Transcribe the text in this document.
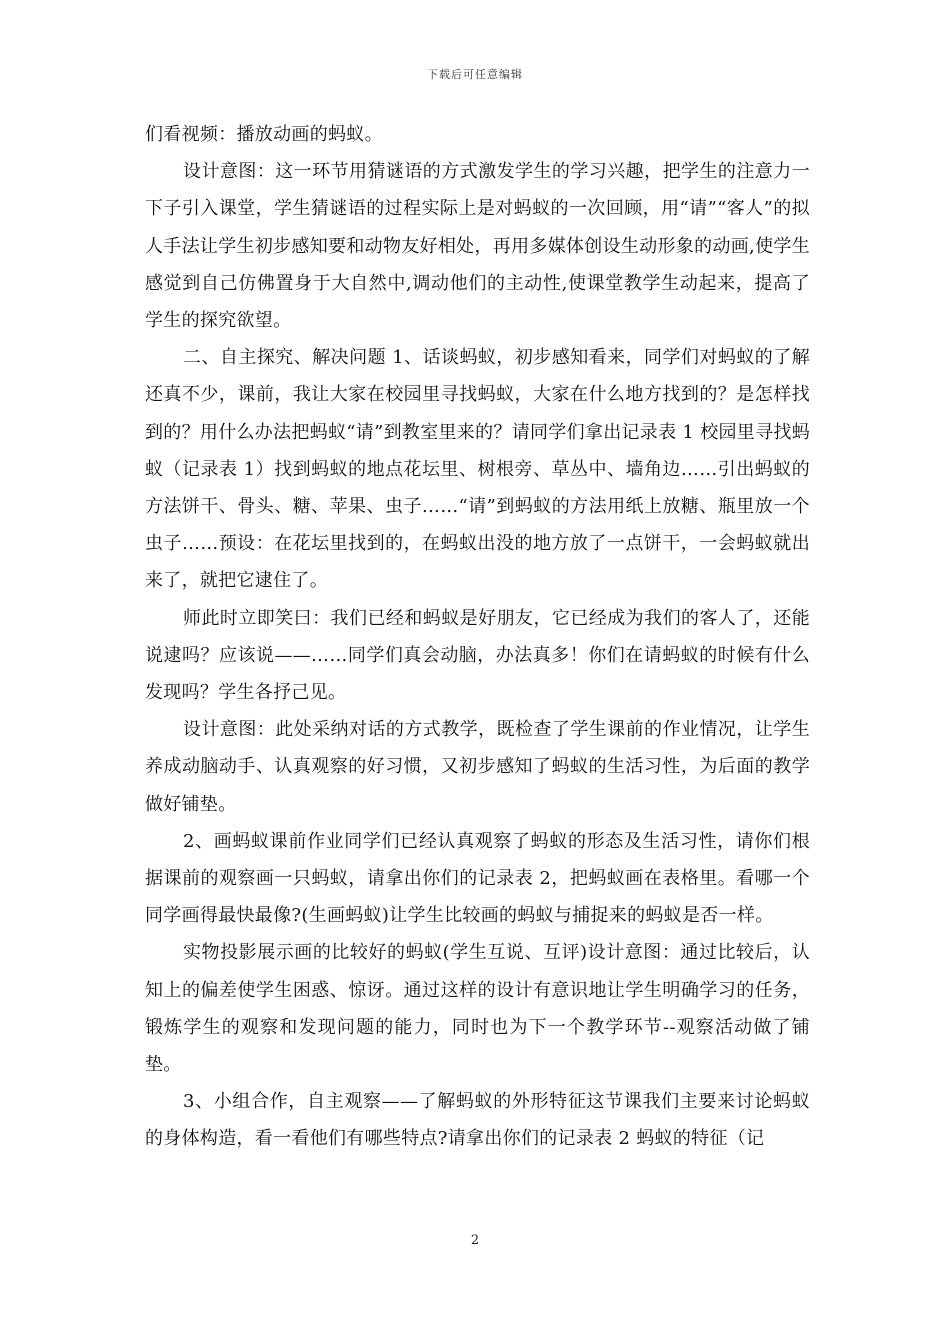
下载后可任意编辑

们看视频：播放动画的蚂蚁。

设计意图：这一环节用猜谜语的方式激发学生的学习兴趣，把学生的注意力一下子引入课堂，学生猜谜语的过程实际上是对蚂蚁的一次回顾，用“请”“客人”的拟人手法让学生初步感知要和动物友好相处，再用多媒体创设生动形象的动画,使学生感觉到自己仿佛置身于大自然中,调动他们的主动性,使课堂教学生动起来，提高了学生的探究欲望。

二、自主探究、解决问题 1、话谈蚂蚁，初步感知看来，同学们对蚂蚁的了解还真不少，课前，我让大家在校园里寻找蚂蚁，大家在什么地方找到的？是怎样找到的？用什么办法把蚂蚁“请”到教室里来的？请同学们拿出记录表 1 校园里寻找蚂蚁（记录表 1）找到蚂蚁的地点花坛里、树根旁、草丛中、墙角边……引出蚂蚁的方法饼干、骨头、糖、苹果、虫子……“请”到蚂蚁的方法用纸上放糖、瓶里放一个虫子……预设：在花坛里找到的，在蚂蚁出没的地方放了一点饼干，一会蚂蚁就出来了，就把它逮住了。

师此时立即笑曰：我们已经和蚂蚁是好朋友，它已经成为我们的客人了，还能说逮吗？应该说——……同学们真会动脑，办法真多！你们在请蚂蚁的时候有什么发现吗？学生各抒己见。

设计意图：此处采纳对话的方式教学，既检查了学生课前的作业情况，让学生养成动脑动手、认真观察的好习惯，又初步感知了蚂蚁的生活习性，为后面的教学做好铺垫。

2、画蚂蚁课前作业同学们已经认真观察了蚂蚁的形态及生活习性，请你们根据课前的观察画一只蚂蚁，请拿出你们的记录表 2，把蚂蚁画在表格里。看哪一个同学画得最快最像?(生画蚂蚁)让学生比较画的蚂蚁与捕捉来的蚂蚁是否一样。

实物投影展示画的比较好的蚂蚁(学生互说、互评)设计意图：通过比较后，认知上的偏差使学生困惑、惊讶。通过这样的设计有意识地让学生明确学习的任务，锻炼学生的观察和发现问题的能力，同时也为下一个教学环节--观察活动做了铺垫。

3、小组合作，自主观察——了解蚂蚁的外形特征这节课我们主要来讨论蚂蚁的身体构造，看一看他们有哪些特点?请拿出你们的记录表 2 蚂蚁的特征（记

2
